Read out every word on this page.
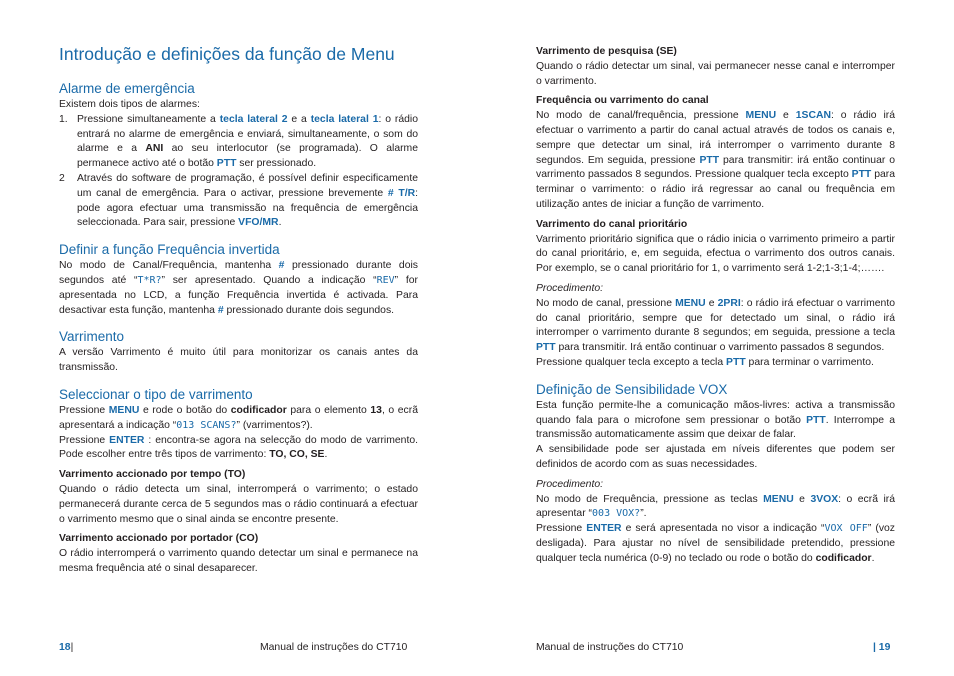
Introdução e definições da função de Menu
Alarme de emergência

Existem dois tipos de alarmes:

1. Pressione simultaneamente a tecla lateral 2 e a tecla lateral 1: o rádio entrará no alarme de emergência e enviará, simultaneamente, o som do alarme e a ANI ao seu interlocutor (se programada). O alarme permanece activo até o botão PTT ser pressionado.
2 Através do software de programação, é possível definir especificamente um canal de emergência. Para o activar, pressione brevemente # T/R: pode agora efectuar uma transmissão na frequência de emergência seleccionada. Para sair, pressione VFO/MR.
Definir a função Frequência invertida

No modo de Canal/Frequência, mantenha # pressionado durante dois segundos até “T*R?” ser apresentado. Quando a indicação “REV” for apresentada no LCD, a função Frequência invertida é activada. Para desactivar esta função, mantenha # pressionado durante dois segundos.

Varrimento

A versão Varrimento é muito útil para monitorizar os canais antes da transmissão.

Seleccionar o tipo de varrimento

Pressione MENU e rode o botão do codificador para o elemento 13, o ecrã apresentará a indicação “013 SCANS?” (varrimentos?).

Pressione ENTER : encontra-se agora na selecção do modo de varrimento. Pode escolher entre três tipos de varrimento: TO, CO, SE.

Varrimento accionado por tempo (TO)

Quando o rádio detecta um sinal, interromperá o varrimento; o estado permanecerá durante cerca de 5 segundos mas o rádio continuará a efectuar o varrimento mesmo que o sinal ainda se encontre presente.

Varrimento accionado por portador (CO)

O rádio interromperá o varrimento quando detectar um sinal e permanece na mesma frequência até o sinal desaparecer.

18|	Manual de instruções do CT710

Varrimento de pesquisa (SE)

Quando o rádio detectar um sinal, vai permanecer nesse canal e interromper o varrimento.

Frequência ou varrimento do canal

No modo de canal/frequência, pressione MENU e 1SCAN: o rádio irá efectuar o varrimento a partir do canal actual através de todos os canais e, sempre que detectar um sinal, irá interromper o varrimento durante 8 segundos. Em seguida, pressione PTT para transmitir: irá então continuar o varrimento passados 8 segundos. Pressione qualquer tecla excepto PTT para terminar o varrimento: o rádio irá regressar ao canal ou frequência em utilização antes de iniciar a função de varrimento.

Varrimento do canal prioritário

Varrimento prioritário significa que o rádio inicia o varrimento primeiro a partir do canal prioritário, e, em seguida, efectua o varrimento dos outros canais. Por exemplo, se o canal prioritário for 1, o varrimento será 1-2;1-3;1-4;…….

Procedimento:

No modo de canal, pressione MENU e 2PRI: o rádio irá efectuar o varrimento do canal prioritário, sempre que for detectado um sinal, o rádio irá interromper o varrimento durante 8 segundos; em seguida, pressione a tecla PTT para transmitir. Irá então continuar o varrimento passados 8 segundos.

Pressione qualquer tecla excepto a tecla PTT para terminar o varrimento.

Definição de Sensibilidade VOX

Esta função permite-lhe a comunicação mãos-livres: activa a transmissão quando fala para o microfone sem pressionar o botão PTT. Interrompe a transmissão automaticamente assim que deixar de falar.

A sensibilidade pode ser ajustada em níveis diferentes que podem ser definidos de acordo com as suas necessidades.

Procedimento:

No modo de Frequência, pressione as teclas MENU e 3VOX: o ecrã irá apresentar “003 VOX?”.

Pressione ENTER e será apresentada no visor a indicação “VOX OFF” (voz desligada). Para ajustar no nível de sensibilidade pretendido, pressione qualquer tecla numérica (0-9) no teclado ou rode o botão do codificador.

Manual de instruções do CT710	| 19
